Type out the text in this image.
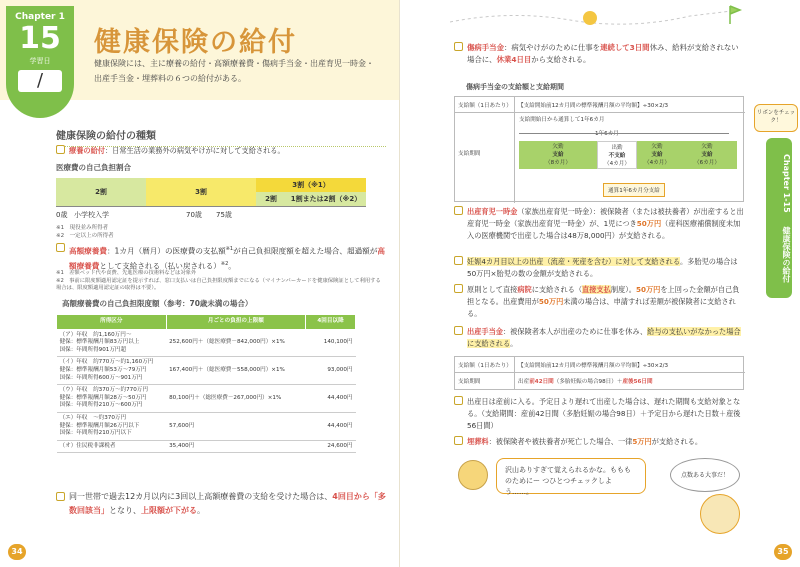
Chapter 1
15
学習日
/
健康保険の給付
健康保険には、主に療養の給付・高額療養費・傷病手当金・出産育児一時金・出産手当金・埋葬料の６つの給付がある。
健康保険の給付の種類
療養の給付：日常生活の業務外の病気やけがに対して支給される。
医療費の自己負担割合
2割	3割
3割（※1）
2割	1割または2割（※2）
0歳 小学校入学	70歳 75歳
※1　現役並み所得者
※2　一定以上の所得者
高額療養費：1カ月（暦月）の医療費の支払額$^{※1}$が自己負担限度額を超えた場合、超過額が高額療養費として支給される（払い戻される）$^{※2}$。
※1　差額ベッド代や食費、先進医療の技術料などは対象外
※2　事前に限度額適用認定証を提示すれば、窓口支払いは自己負担限度額までになる（マイナンバーカードを健康保険証として利用する場合は、限度額適用認定証の取得は不要）。
高額療養費の自己負担限度額（参考：70歳未満の場合）
所得区分	月ごとの負担の上限額	4回目以降

（ア）年収　約1,160万円～
健保：標準報酬月額83万円以上
国保：年間所得901万円超	252,600円＋（総医療費－842,000円）×1%	140,100円

（イ）年収　約770万～約1,160万円
健保：標準報酬月額53万～79万円
国保：年間所得600万～901万円	167,400円＋（総医療費－558,000円）×1%	93,000円

（ウ）年収　約370万～約770万円
健保：標準報酬月額28万～50万円
国保：年間所得210万～600万円	80,100円＋（総医療費－267,000円）×1%	44,400円

（エ）年収　～約370万円
健保：標準報酬月額26万円以下
国保：年間所得210万円以下	57,600円	44,400円

（オ）住民税非課税者	35,400円	24,600円
同一世帯で過去12カ月以内に3回以上高額療養費の支給を受けた場合は、4回目から「多数回該当」となり、上限額が下がる。
34
傷病手当金：病気やけがのために仕事を連続して3日間休み、給料が支給されない場合に、休業4日目から支給される。
傷病手当金の支給額と支給期間
支給額（1日あたり）	【支給開始前12カ月間の標準報酬月額の平均額】÷30×2/3
支給期間
支給開始日から通算して1年6カ月
1年6カ月
欠勤
支給
（8カ月）
出勤
不支給
（4カ月）
欠勤
支給
（4カ月）
欠勤
支給
（6カ月）
通算1年6カ月分支給
出産育児一時金（家族出産育児一時金）：被保険者（または被扶養者）が出産すると出産育児一時金（家族出産育児一時金）が、1児につき50万円（産科医療補償制度未加入の医療機関で出産した場合は48万8,000円）が支給される。
妊娠4カ月目以上の出産（流産・死産を含む）に対して支給される。多胎児の場合は50万円×胎児の数の金額が支給される。
原則として直接病院に支給される（直接支払制度）。50万円を上回った金額が自己負担となる。出産費用が50万円未満の場合は、申請すれば差額が被保険者に支給される。
出産手当金：被保険者本人が出産のために仕事を休み、給与の支払いがなかった場合に支給される。
支給額（1日あたり）	【支給開始前12カ月間の標準報酬月額の平均額】÷30×2/3
支給期間	出産前42日間（多胎妊娠の場合98日）＋産後56日間
出産日は産前に入る。予定日より遅れて出産した場合は、遅れた期間も支給対象となる。（支給期間：産前42日間（多胎妊娠の場合98日）＋予定日から遅れた日数＋産後56日間）
埋葬料：被保険者や被扶養者が死亡した場合、一律5万円が支給される。
沢山ありすぎて覚えられるかな。ももものためにー つひとつチェックしよう……。
点数ある大事だ！
リボンをチェック！
Chapter 1-15  健康保険の給付
35
